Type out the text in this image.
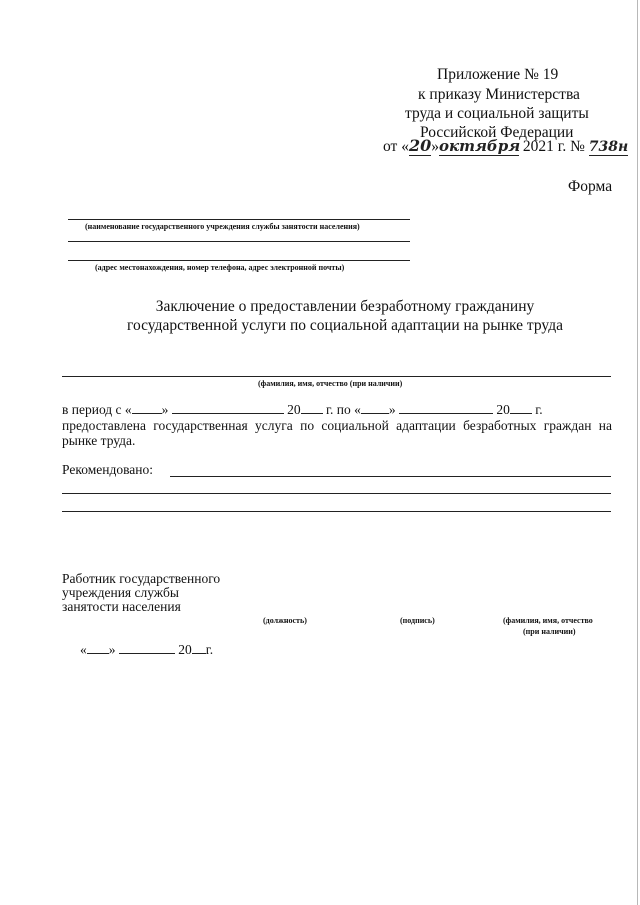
Приложение № 19
к приказу Министерства
труда и социальной защиты
Российской Федерации
от «20»октября 2021 г. № 738н
Форма
(наименование государственного учреждения службы занятости населения)
(адрес местонахождения, номер телефона, адрес электронной почты)
Заключение о предоставлении безработному гражданину
государственной услуги по социальной адаптации на рынке труда
(фамилия, имя, отчество (при наличии)
в период с « »	20 г. по « »	20 г.
предоставлена государственная услуга по социальной адаптации безработных граждан на рынке труда.
Рекомендовано:
Работник государственного
учреждения службы
занятости населения
(должность)	(подпись)	(фамилия, имя, отчество
(при наличии)
« »	20 г.
